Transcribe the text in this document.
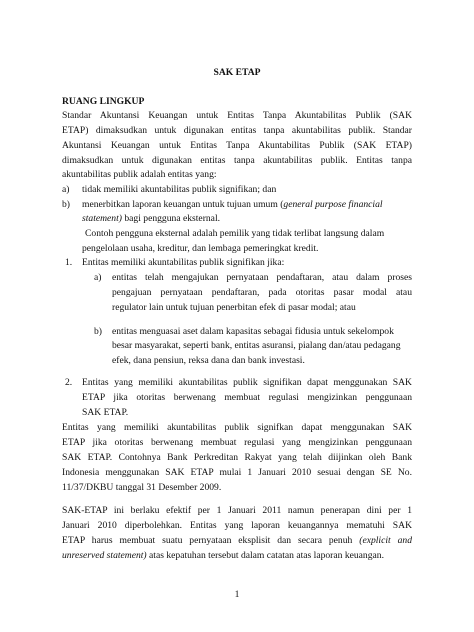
SAK ETAP

RUANG LINGKUP

Standar Akuntansi Keuangan untuk Entitas Tanpa Akuntabilitas Publik (SAK

ETAP) dimaksudkan untuk digunakan entitas tanpa akuntabilitas publik. Standar

Akuntansi Keuangan untuk Entitas Tanpa Akuntabilitas Publik (SAK ETAP)

dimaksudkan untuk digunakan entitas tanpa akuntabilitas publik. Entitas tanpa

akuntabilitas publik adalah entitas yang:

a) tidak memiliki akuntabilitas publik signifikan; dan

b) menerbitkan laporan keuangan untuk tujuan umum (general purpose financial

statement) bagi pengguna eksternal.

Contoh pengguna eksternal adalah pemilik yang tidak terlibat langsung dalam

pengelolaan usaha, kreditur, dan lembaga pemeringkat kredit.

1. Entitas memiliki akuntabilitas publik signifikan jika:

a) entitas telah mengajukan pernyataan pendaftaran, atau dalam proses

pengajuan pernyataan pendaftaran, pada otoritas pasar modal atau

regulator lain untuk tujuan penerbitan efek di pasar modal; atau

b) entitas menguasai aset dalam kapasitas sebagai fidusia untuk sekelompok

besar masyarakat, seperti bank, entitas asuransi, pialang dan/atau pedagang

efek, dana pensiun, reksa dana dan bank investasi.

2. Entitas yang memiliki akuntabilitas publik signifikan dapat menggunakan SAK

ETAP jika otoritas berwenang membuat regulasi mengizinkan penggunaan

SAK ETAP.

Entitas yang memiliki akuntabilitas publik signifkan dapat menggunakan SAK

ETAP jika otoritas berwenang membuat regulasi yang mengizinkan penggunaan

SAK ETAP. Contohnya Bank Perkreditan Rakyat yang telah diijinkan oleh Bank

Indonesia menggunakan SAK ETAP mulai 1 Januari 2010 sesuai dengan SE No.

11/37/DKBU tanggal 31 Desember 2009.

SAK-ETAP ini berlaku efektif per 1 Januari 2011 namun penerapan dini per 1

Januari 2010 diperbolehkan. Entitas yang laporan keuangannya mematuhi SAK

ETAP harus membuat suatu pernyataan eksplisit dan secara penuh (explicit and

unreserved statement) atas kepatuhan tersebut dalam catatan atas laporan keuangan.

1
